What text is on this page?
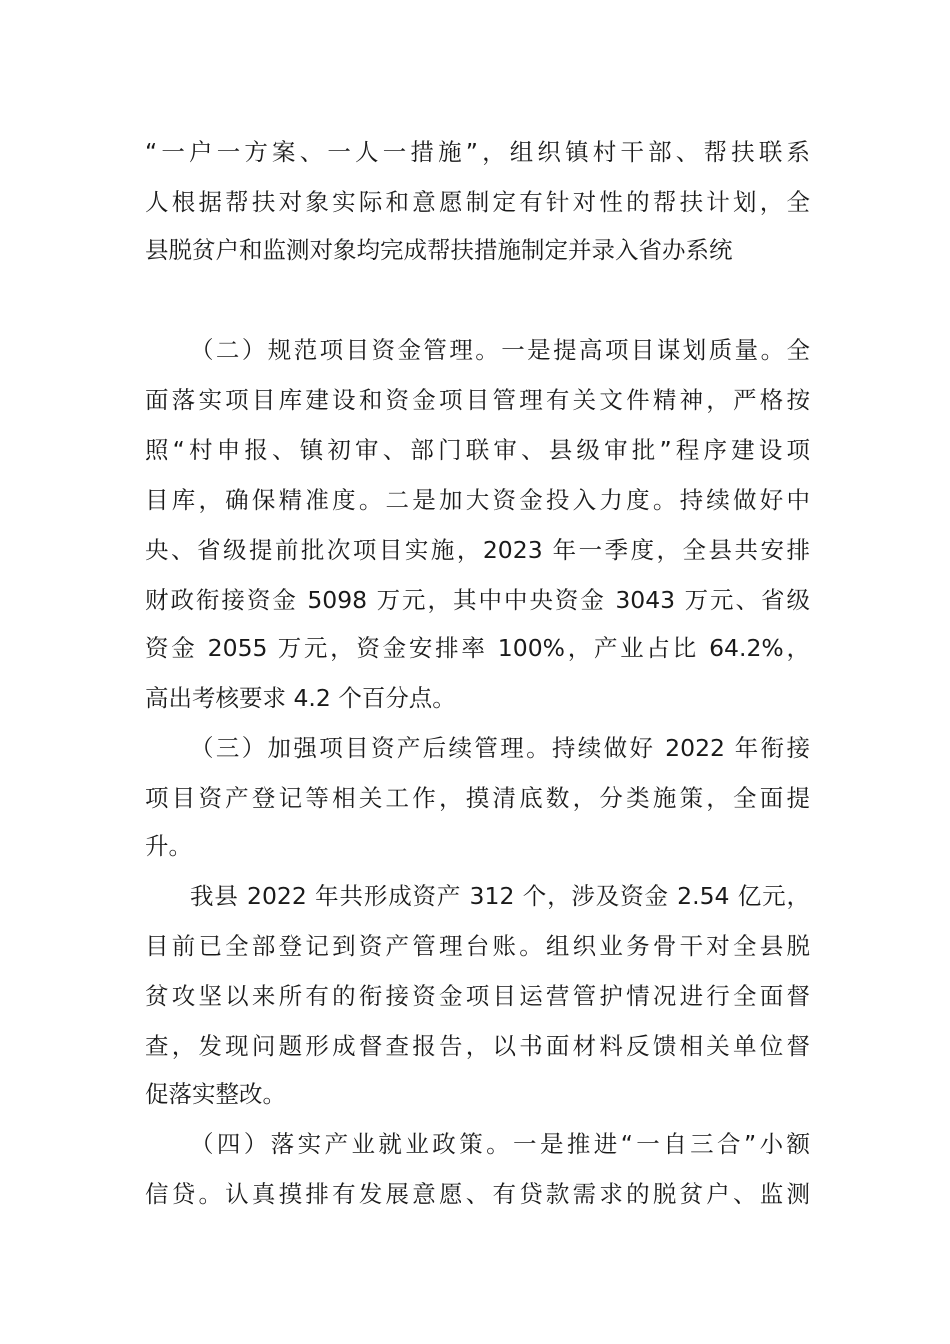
“一户一方案、一人一措施”，组织镇村干部、帮扶联系

人根据帮扶对象实际和意愿制定有针对性的帮扶计划，全

县脱贫户和监测对象均完成帮扶措施制定并录入省办系统

（二）规范项目资金管理。一是提高项目谋划质量。全

面落实项目库建设和资金项目管理有关文件精神，严格按

照“村申报、镇初审、部门联审、县级审批”程序建设项

目库，确保精准度。二是加大资金投入力度。持续做好中

央、省级提前批次项目实施，2023 年一季度，全县共安排

财政衔接资金 5098 万元，其中中央资金 3043 万元、省级

资金 2055 万元，资金安排率 100%，产业占比 64.2%，

高出考核要求 4.2 个百分点。

（三）加强项目资产后续管理。持续做好 2022 年衔接

项目资产登记等相关工作，摸清底数，分类施策，全面提

升。

我县 2022 年共形成资产 312 个，涉及资金 2.54 亿元，

目前已全部登记到资产管理台账。组织业务骨干对全县脱

贫攻坚以来所有的衔接资金项目运营管护情况进行全面督

查，发现问题形成督查报告，以书面材料反馈相关单位督

促落实整改。

（四）落实产业就业政策。一是推进“一自三合”小额

信贷。认真摸排有发展意愿、有贷款需求的脱贫户、监测
